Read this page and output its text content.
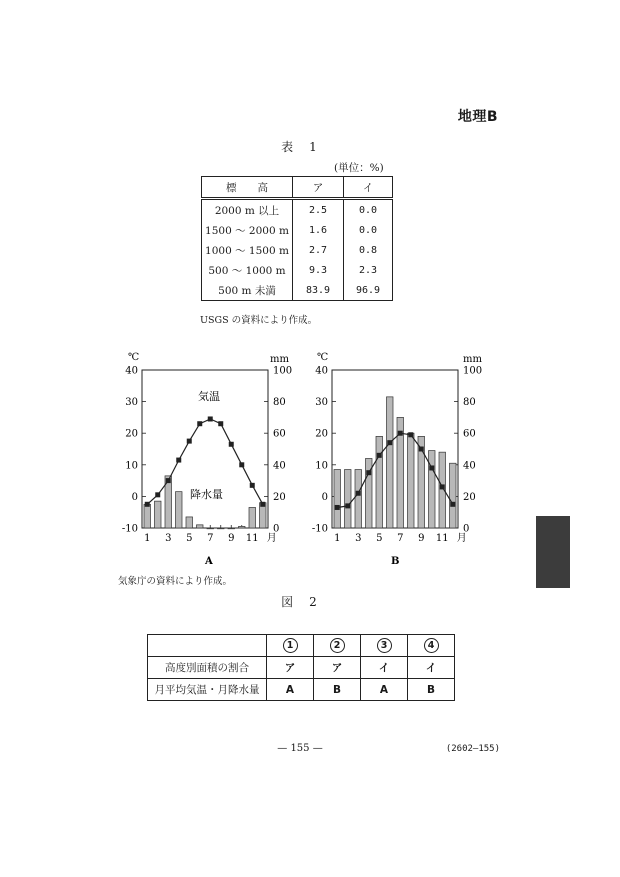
地理B
表　1
(単位：%)
標　　高	ア	イ
2000 m 以上	2.5	0.0
1500 〜 2000 m	1.6	0.0
1000 〜 1500 m	2.7	0.8
500 〜 1000 m	9.3	2.3
500 m 未満	83.9	96.9
USGS の資料により作成。
℃	mm
気温
降水量
A
-10
0
10
20
30
40
0
20
40
60
80
100
1 3 5 7 9 11 月
℃	mm
B
-10
0
10
20
30
40
0
20
40
60
80
100
1 3 5 7 9 11 月
気象庁の資料により作成。
図　2
	1	2	3	4
高度別面積の割合	ア	ア	イ	イ
月平均気温・月降水量	A	B	A	B
— 155 —	(2602—155)
